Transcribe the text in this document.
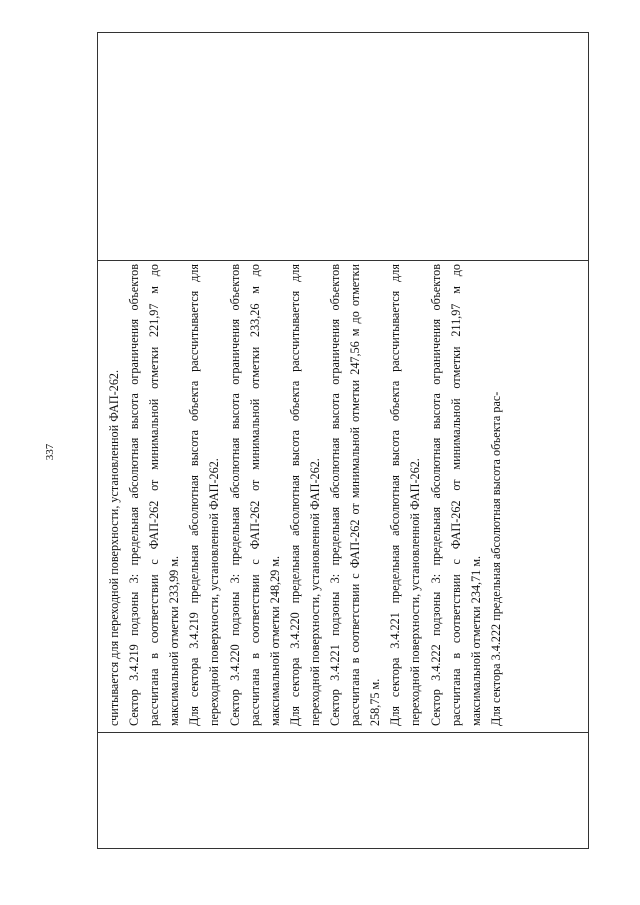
337	считывается для переходной поверхности, установленной ФАП-262. Сектор 3.4.219 подзоны 3: предельная абсолютная высота ограничения объектов рассчитана в соответствии с ФАП-262 от минимальной отметки 221,97 м до максимальной отметки 233,99 м. Для сектора 3.4.219 предельная абсолютная высота объекта рассчитывается для переходной поверхности, установленной ФАП-262. Сектор 3.4.220 подзоны 3: предельная абсолютная высота ограничения объектов рассчитана в соответствии с ФАП-262 от минимальной отметки 233,26 м до максимальной отметки 248,29 м. Для сектора 3.4.220 предельная абсолютная высота объекта рассчитывается для переходной поверхности, установленной ФАП-262. Сектор 3.4.221 подзоны 3: предельная абсолютная высота ограничения объектов рассчитана в соответствии с ФАП-262 от минимальной отметки 247,56 м до отметки 258,75 м. Для сектора 3.4.221 предельная абсолютная высота объекта рассчитывается для переходной поверхности, установленной ФАП-262. Сектор 3.4.222 подзоны 3: предельная абсолютная высота ограничения объектов рассчитана в соответствии с ФАП-262 от минимальной отметки 211,97 м до максимальной отметки 234,71 м. Для сектора 3.4.222 предельная абсолютная высота объекта рас-
